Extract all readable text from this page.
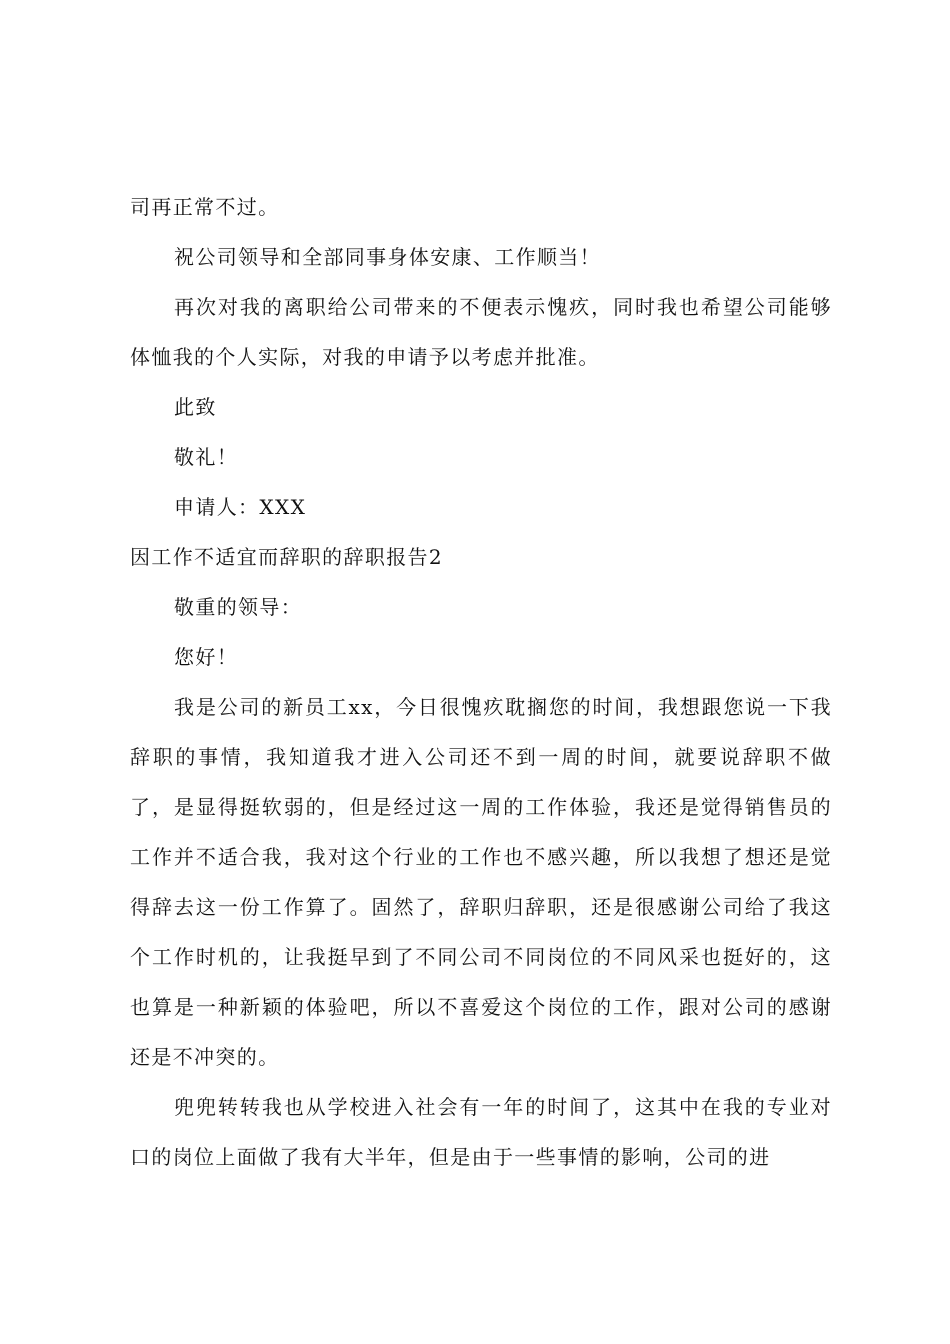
司再正常不过。

祝公司领导和全部同事身体安康、工作顺当！

再次对我的离职给公司带来的不便表示愧疚，同时我也希望公司能够体恤我的个人实际，对我的申请予以考虑并批准。

此致

敬礼！

申请人：XXX

因工作不适宜而辞职的辞职报告2

敬重的领导：

您好！

我是公司的新员工xx，今日很愧疚耽搁您的时间，我想跟您说一下我辞职的事情，我知道我才进入公司还不到一周的时间，就要说辞职不做了，是显得挺软弱的，但是经过这一周的工作体验，我还是觉得销售员的工作并不适合我，我对这个行业的工作也不感兴趣，所以我想了想还是觉得辞去这一份工作算了。固然了，辞职归辞职，还是很感谢公司给了我这个工作时机的，让我挺早到了不同公司不同岗位的不同风采也挺好的，这也算是一种新颖的体验吧，所以不喜爱这个岗位的工作，跟对公司的感谢还是不冲突的。

兜兜转转我也从学校进入社会有一年的时间了，这其中在我的专业对口的岗位上面做了我有大半年，但是由于一些事情的影响，公司的进
